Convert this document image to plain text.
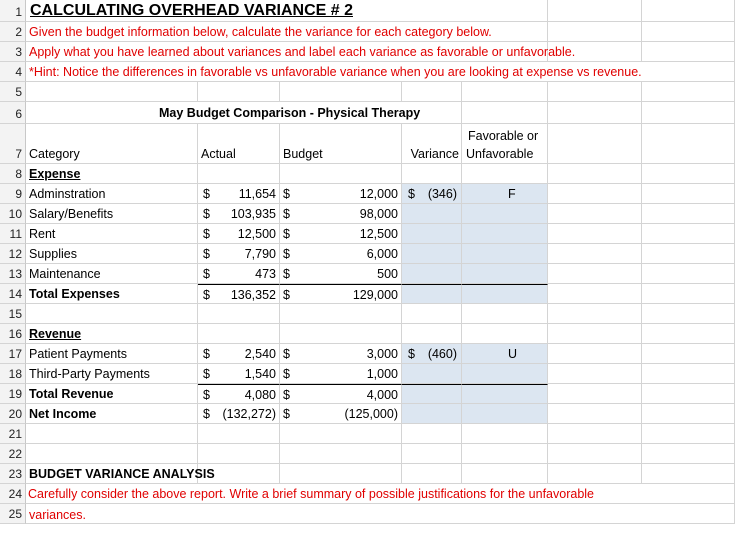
1 CALCULATING OVERHEAD VARIANCE # 2
2 Given the budget information below, calculate the variance for each category below.
3 Apply what you have learned about variances and label each variance as favorable or unfavorable.
4 *Hint: Notice the differences in favorable vs unfavorable variance when you are looking at expense vs revenue.
5
6	May Budget Comparison - Physical Therapy
7 Category	Actual	Budget	Variance
Favorable or
Unfavorable
8 Expense
9 Adminstration	$ 11,654 $	12,000 $ (346)	F
10 Salary/Benefits	$ 103,935 $	98,000
11 Rent	$ 12,500 $	12,500
12 Supplies	$	7,790 $	6,000
13 Maintenance	$	473 $	500
14 Total Expenses	$ 136,352 $	129,000
15
16 Revenue
17 Patient Payments	$	2,540 $	3,000 $ (460)	U
18 Third-Party Payments	$	1,540 $	1,000
19 Total Revenue	$	4,080 $	4,000
20 Net Income	$ (132,272) $	(125,000)
21
22
23 BUDGET VARIANCE ANALYSIS
24 Carefully consider the above report. Write a brief summary of possible justifications for the unfavorable
25 variances.
